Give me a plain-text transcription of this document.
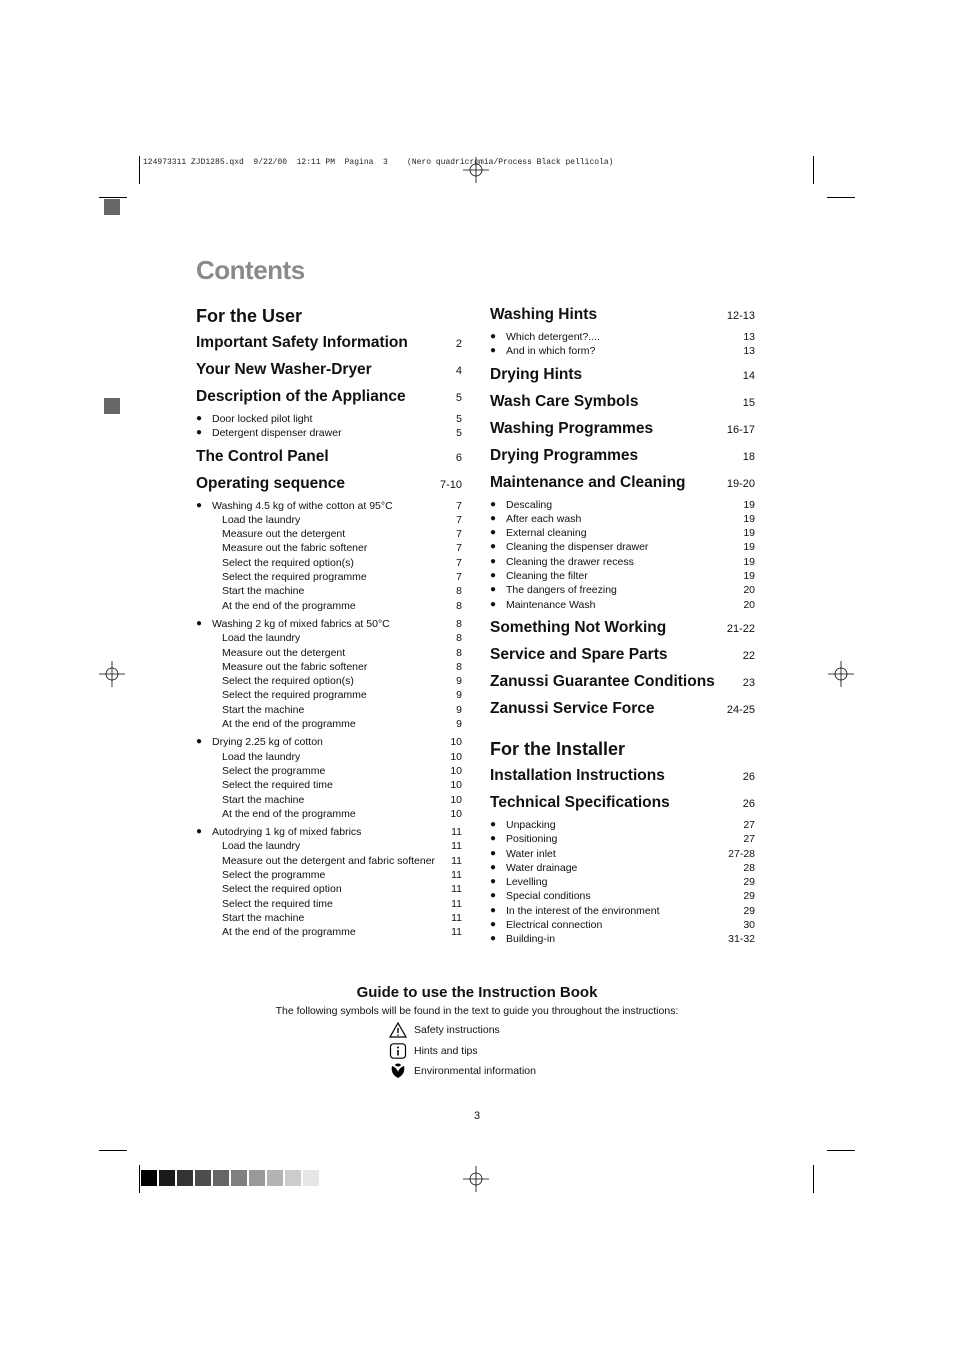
124973311 ZJD1285.qxd  9/22/00  12:11 PM  Pagina  3    (Nero quadricromia/Process Black pellicola)
Contents
For the User
Important Safety Information	2
Your New Washer-Dryer	4
Description of the Appliance	5
● Door locked pilot light	5
● Detergent dispenser drawer	5
The Control Panel	6
Operating sequence	7-10
● Washing 4.5 kg of withe cotton at 95°C	7
Load the laundry	7
Measure out the detergent	7
Measure out the fabric softener	7
Select the required option(s)	7
Select the required programme	7
Start the machine	8
At the end of the programme	8
● Washing 2 kg of mixed fabrics at 50°C	8
Load the laundry	8
Measure out the detergent	8
Measure out the fabric softener	8
Select the required option(s)	9
Select the required programme	9
Start the machine	9
At the end of the programme	9
● Drying 2.25 kg of cotton	10
Load the laundry	10
Select the programme	10
Select the required time	10
Start the machine	10
At the end of the programme	10
● Autodrying 1 kg of mixed fabrics	11
Load the laundry	11
Measure out the detergent and fabric softener 11
Select the programme	11
Select the required option	11
Select the required time	11
Start the machine	11
At the end of the programme	11
Washing Hints	12-13
● Which detergent?....	13
● And in which form?	13
Drying Hints	14
Wash Care Symbols	15
Washing Programmes	16-17
Drying Programmes	18
Maintenance and Cleaning	19-20
● Descaling	19
● After each wash	19
● External cleaning	19
● Cleaning the dispenser drawer	19
● Cleaning the drawer recess	19
● Cleaning the filter	19
● The dangers of freezing	20
● Maintenance Wash	20
Something Not Working	21-22
Service and Spare Parts	22
Zanussi Guarantee Conditions	23
Zanussi Service Force	24-25
For the Installer
Installation Instructions	26
Technical Specifications	26
● Unpacking	27
● Positioning	27
● Water inlet	27-28
● Water drainage	28
● Levelling	29
● Special conditions	29
● In the interest of the environment	29
● Electrical connection	30
● Building-in	31-32
Guide to use the Instruction Book
The following symbols will be found in the text to guide you throughout the instructions:
Safety instructions
Hints and tips
Environmental information
3
